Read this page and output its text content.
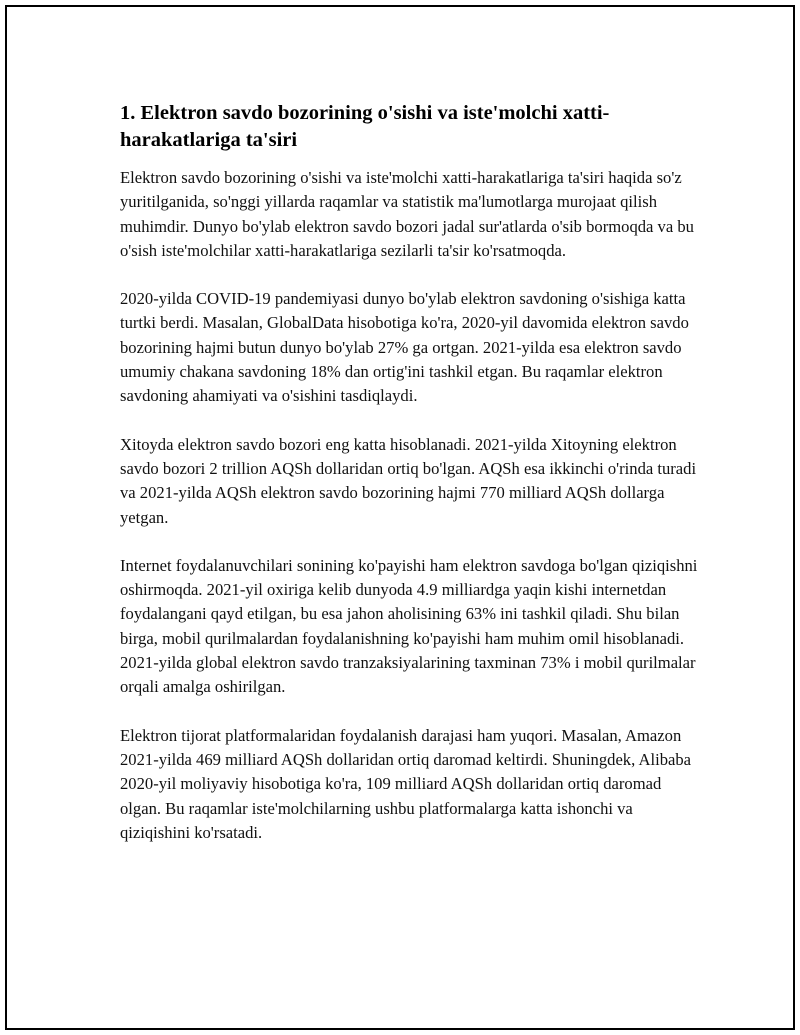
1. Elektron savdo bozorining o'sishi va iste'molchi xatti-harakatlariga ta'siri

Elektron savdo bozorining o'sishi va iste'molchi xatti-harakatlariga ta'siri haqida so'z yuritilganida, so'nggi yillarda raqamlar va statistik ma'lumotlarga murojaat qilish muhimdir. Dunyo bo'ylab elektron savdo bozori jadal sur'atlarda o'sib bormoqda va bu o'sish iste'molchilar xatti-harakatlariga sezilarli ta'sir ko'rsatmoqda.

2020-yilda COVID-19 pandemiyasi dunyo bo'ylab elektron savdoning o'sishiga katta turtki berdi. Masalan, GlobalData hisobotiga ko'ra, 2020-yil davomida elektron savdo bozorining hajmi butun dunyo bo'ylab 27% ga ortgan. 2021-yilda esa elektron savdo umumiy chakana savdoning 18% dan ortig'ini tashkil etgan. Bu raqamlar elektron savdoning ahamiyati va o'sishini tasdiqlaydi.

Xitoyda elektron savdo bozori eng katta hisoblanadi. 2021-yilda Xitoyning elektron savdo bozori 2 trillion AQSh dollaridan ortiq bo'lgan. AQSh esa ikkinchi o'rinda turadi va 2021-yilda AQSh elektron savdo bozorining hajmi 770 milliard AQSh dollarga yetgan.

Internet foydalanuvchilari sonining ko'payishi ham elektron savdoga bo'lgan qiziqishni oshirmoqda. 2021-yil oxiriga kelib dunyoda 4.9 milliardga yaqin kishi internetdan foydalangani qayd etilgan, bu esa jahon aholisining 63% ini tashkil qiladi. Shu bilan birga, mobil qurilmalardan foydalanishning ko'payishi ham muhim omil hisoblanadi. 2021-yilda global elektron savdo tranzaksiyalarining taxminan 73% i mobil qurilmalar orqali amalga oshirilgan.

Elektron tijorat platformalaridan foydalanish darajasi ham yuqori. Masalan, Amazon 2021-yilda 469 milliard AQSh dollaridan ortiq daromad keltirdi. Shuningdek, Alibaba 2020-yil moliyaviy hisobotiga ko'ra, 109 milliard AQSh dollaridan ortiq daromad olgan. Bu raqamlar iste'molchilarning ushbu platformalarga katta ishonchi va qiziqishini ko'rsatadi.
